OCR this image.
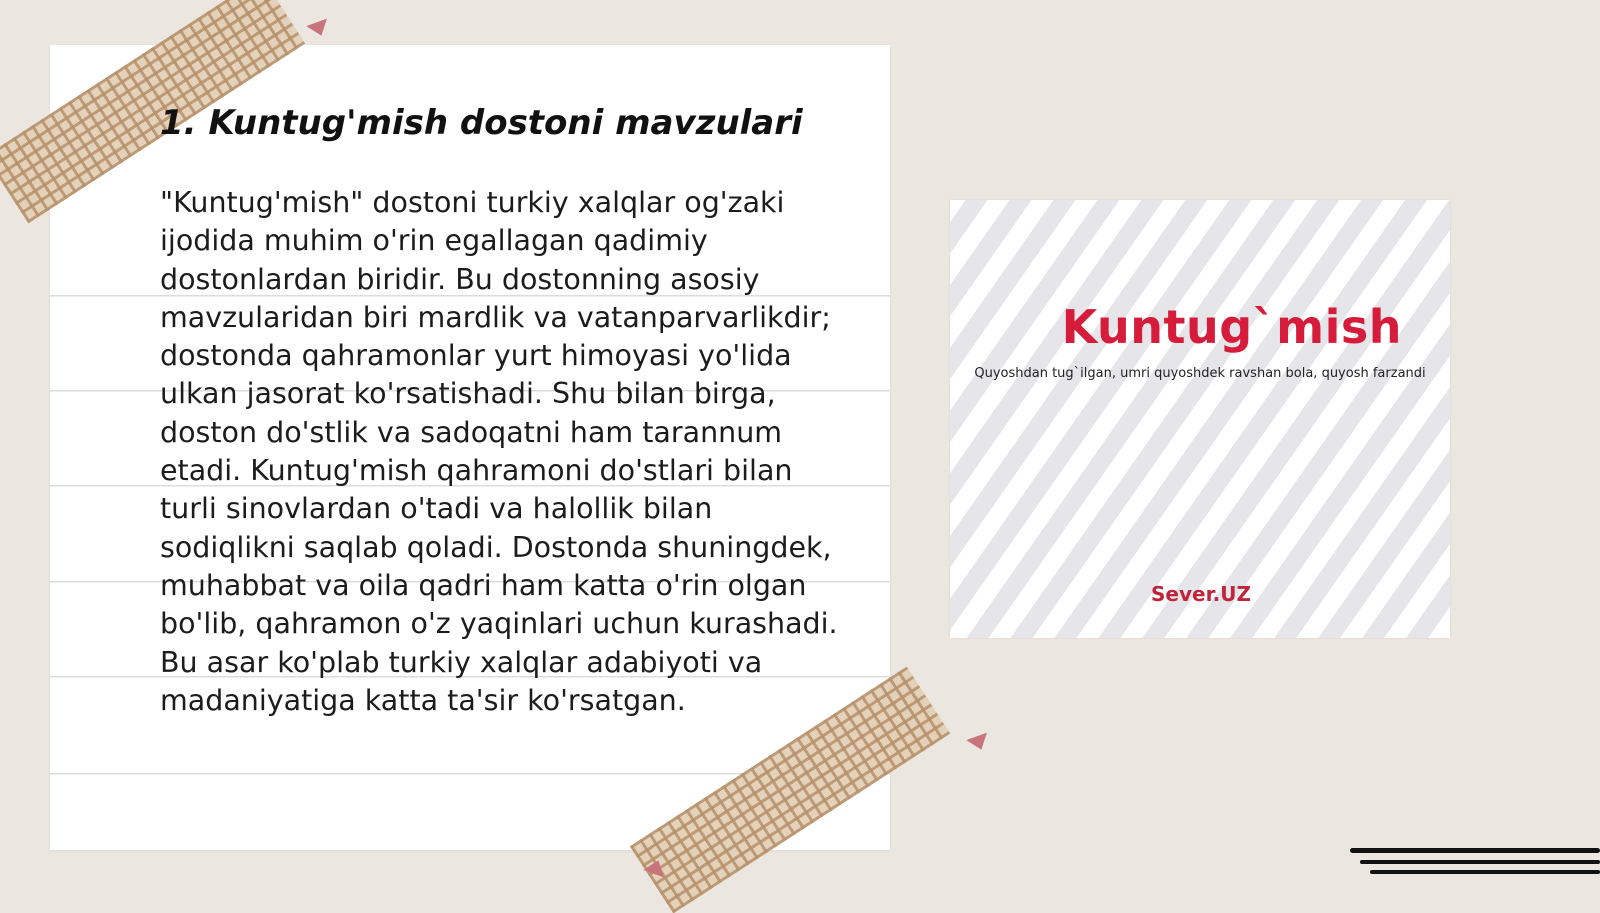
1. Kuntug'mish dostoni mavzulari

"Kuntug'mish" dostoni turkiy xalqlar og'zaki ijodida muhim o'rin egallagan qadimiy dostonlardan biridir. Bu dostonning asosiy mavzularidan biri mardlik va vatanparvarlikdir; dostonda qahramonlar yurt himoyasi yo'lida ulkan jasorat ko'rsatishadi. Shu bilan birga, doston do'stlik va sadoqatni ham tarannum etadi. Kuntug'mish qahramoni do'stlari bilan turli sinovlardan o'tadi va halollik bilan sodiqlikni saqlab qoladi. Dostonda shuningdek, muhabbat va oila qadri ham katta o'rin olgan bo'lib, qahramon o'z yaqinlari uchun kurashadi. Bu asar ko'plab turkiy xalqlar adabiyoti va madaniyatiga katta ta'sir ko'rsatgan.

Kuntug`mish

Quyoshdan tug`ilgan, umri quyoshdek ravshan bola, quyosh farzandi

Sever.UZ
